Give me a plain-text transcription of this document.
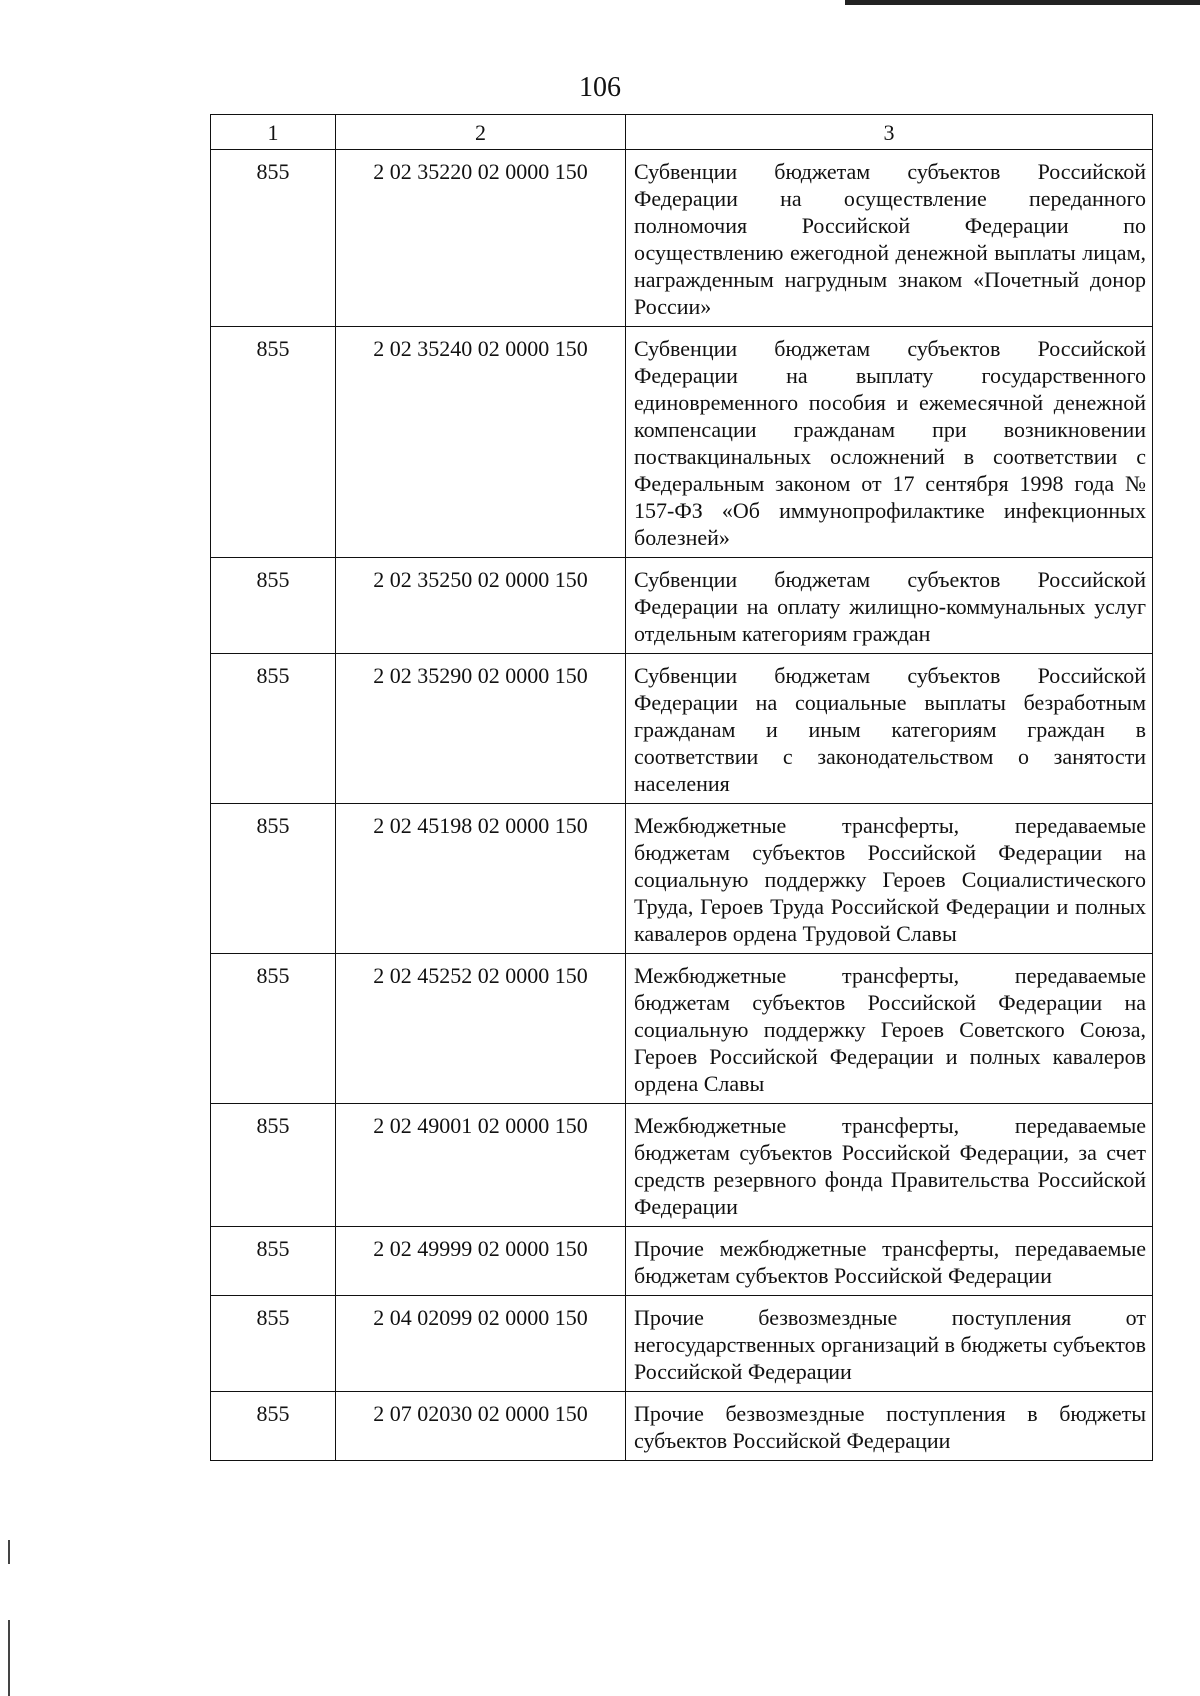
106
1	2	3
855	2 02 35220 02 0000 150	Субвенции бюджетам субъектов Российской Федерации на осуществление переданного полномочия Российской Федерации по осуществлению ежегодной денежной выплаты лицам, награжденным нагрудным знаком «Почетный донор России»
855	2 02 35240 02 0000 150	Субвенции бюджетам субъектов Российской Федерации на выплату государственного единовременного пособия и ежемесячной денежной компенсации гражданам при возникновении поствакцинальных осложнений в соответствии с Федеральным законом от 17 сентября 1998 года № 157-ФЗ «Об иммунопрофилактике инфекционных болезней»
855	2 02 35250 02 0000 150	Субвенции бюджетам субъектов Российской Федерации на оплату жилищно-коммунальных услуг отдельным категориям граждан
855	2 02 35290 02 0000 150	Субвенции бюджетам субъектов Российской Федерации на социальные выплаты безработным гражданам и иным категориям граждан в соответствии с законодательством о занятости населения
855	2 02 45198 02 0000 150	Межбюджетные трансферты, передаваемые бюджетам субъектов Российской Федерации на социальную поддержку Героев Социалистического Труда, Героев Труда Российской Федерации и полных кавалеров ордена Трудовой Славы
855	2 02 45252 02 0000 150	Межбюджетные трансферты, передаваемые бюджетам субъектов Российской Федерации на социальную поддержку Героев Советского Союза, Героев Российской Федерации и полных кавалеров ордена Славы
855	2 02 49001 02 0000 150	Межбюджетные трансферты, передаваемые бюджетам субъектов Российской Федерации, за счет средств резервного фонда Правительства Российской Федерации
855	2 02 49999 02 0000 150	Прочие межбюджетные трансферты, передаваемые бюджетам субъектов Российской Федерации
855	2 04 02099 02 0000 150	Прочие безвозмездные поступления от негосударственных организаций в бюджеты субъектов Российской Федерации
855	2 07 02030 02 0000 150	Прочие безвозмездные поступления в бюджеты субъектов Российской Федерации
